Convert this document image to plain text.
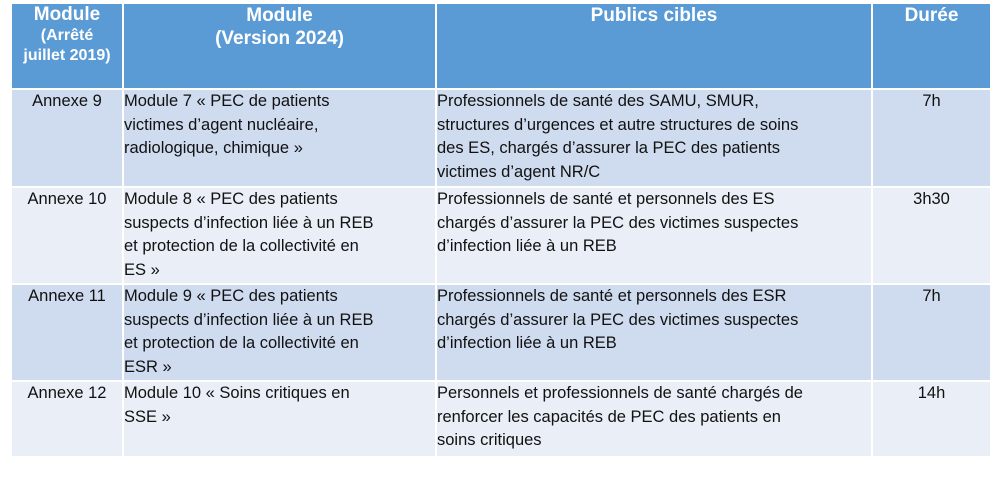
Module
(Arrêté
juillet 2019)	Module
(Version 2024)	Publics cibles	Durée

Annexe 9	Module 7 « PEC de patients
victimes d’agent nucléaire,
radiologique, chimique »	Professionnels de santé des SAMU, SMUR,
structures d’urgences et autre structures de soins
des ES, chargés d’assurer la PEC des patients
victimes d’agent NR/C	7h

Annexe 10	Module 8 « PEC des patients
suspects d’infection liée à un REB
et protection de la collectivité en
ES »	Professionnels de santé et personnels des ES
chargés d’assurer la PEC des victimes suspectes
d’infection liée à un REB	3h30

Annexe 11	Module 9 « PEC des patients
suspects d’infection liée à un REB
et protection de la collectivité en
ESR »	Professionnels de santé et personnels des ESR
chargés d’assurer la PEC des victimes suspectes
d’infection liée à un REB	7h

Annexe 12	Module 10 « Soins critiques en
SSE »	Personnels et professionnels de santé chargés de
renforcer les capacités de PEC des patients en
soins critiques	14h
